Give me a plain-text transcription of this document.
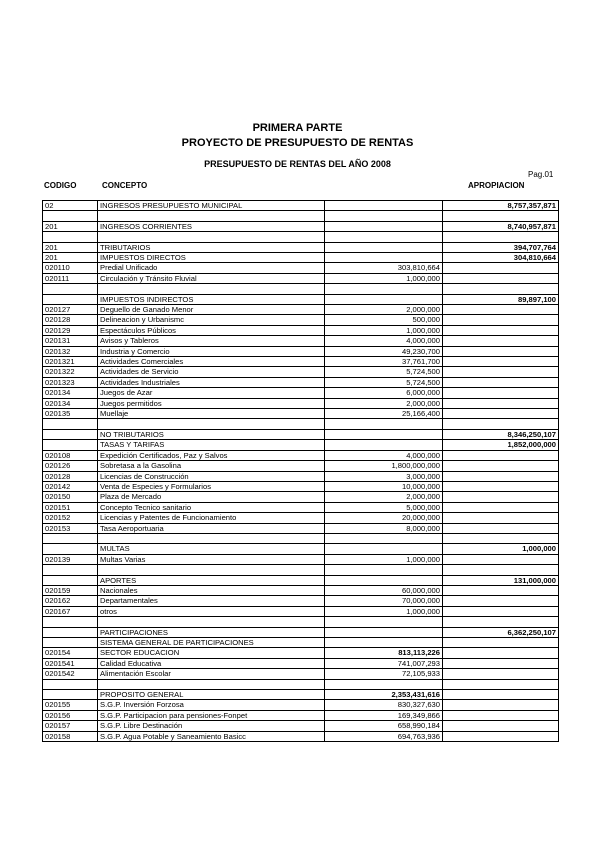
PRIMERA PARTE
PROYECTO DE PRESUPUESTO DE RENTAS
PRESUPUESTO DE RENTAS DEL AÑO 2008
Pag.01
CODIGO	CONCEPTO	APROPIACION
02	INGRESOS PRESUPUESTO MUNICIPAL		8,757,357,871

201	INGRESOS CORRIENTES		8,740,957,871

201	TRIBUTARIOS		394,707,764
201	IMPUESTOS DIRECTOS		304,810,664
020110	Predial Unificado	303,810,664	
020111	Circulación y Tránsito Fluvial	1,000,000	

	IMPUESTOS INDIRECTOS		89,897,100
020127	Deguello de Ganado Menor	2,000,000	
020128	Delineacion y Urbanismc	500,000	
020129	Espectáculos Públicos	1,000,000	
020131	Avisos y Tableros	4,000,000	
020132	Industria y Comercio	49,230,700	
0201321	Actividades Comerciales	37,761,700	
0201322	Actividades de Servicio	5,724,500	
0201323	Actividades Industriales	5,724,500	
020134	Juegos de Azar	6,000,000	
020134	Juegos permitidos	2,000,000	
020135	Muellaje	25,166,400	

	NO TRIBUTARIOS		8,346,250,107
	TASAS Y TARIFAS		1,852,000,000
020108	Expedición Certificados, Paz y Salvos	4,000,000	
020126	Sobretasa a la Gasolina	1,800,000,000	
020128	Licencias de Construcción	3,000,000	
020142	Venta de Especies y Formularios	10,000,000	
020150	Plaza de Mercado	2,000,000	
020151	Concepto Tecnico sanitario	5,000,000	
020152	Licencias y Patentes de Funcionamiento	20,000,000	
020153	Tasa Aeroportuaria	8,000,000	

	MULTAS		1,000,000
020139	Multas Varias	1,000,000	

	APORTES		131,000,000
020159	Nacionales	60,000,000	
020162	Departamentales	70,000,000	
020167	otros	1,000,000	

	PARTICIPACIONES		6,362,250,107
	SISTEMA GENERAL DE PARTICIPACIONES		
020154	SECTOR EDUCACION	813,113,226	
0201541	Calidad Educativa	741,007,293	
0201542	Alimentación Escolar	72,105,933	

	PROPOSITO GENERAL	2,353,431,616	
020155	S.G.P. Inversión Forzosa	830,327,630	
020156	S.G.P. Participacion para pensiones-Fonpet	169,349,866	
020157	S.G.P. Libre Destinación	658,990,184	
020158	S.G.P. Agua Potable y Saneamiento Basicc	694,763,936	
